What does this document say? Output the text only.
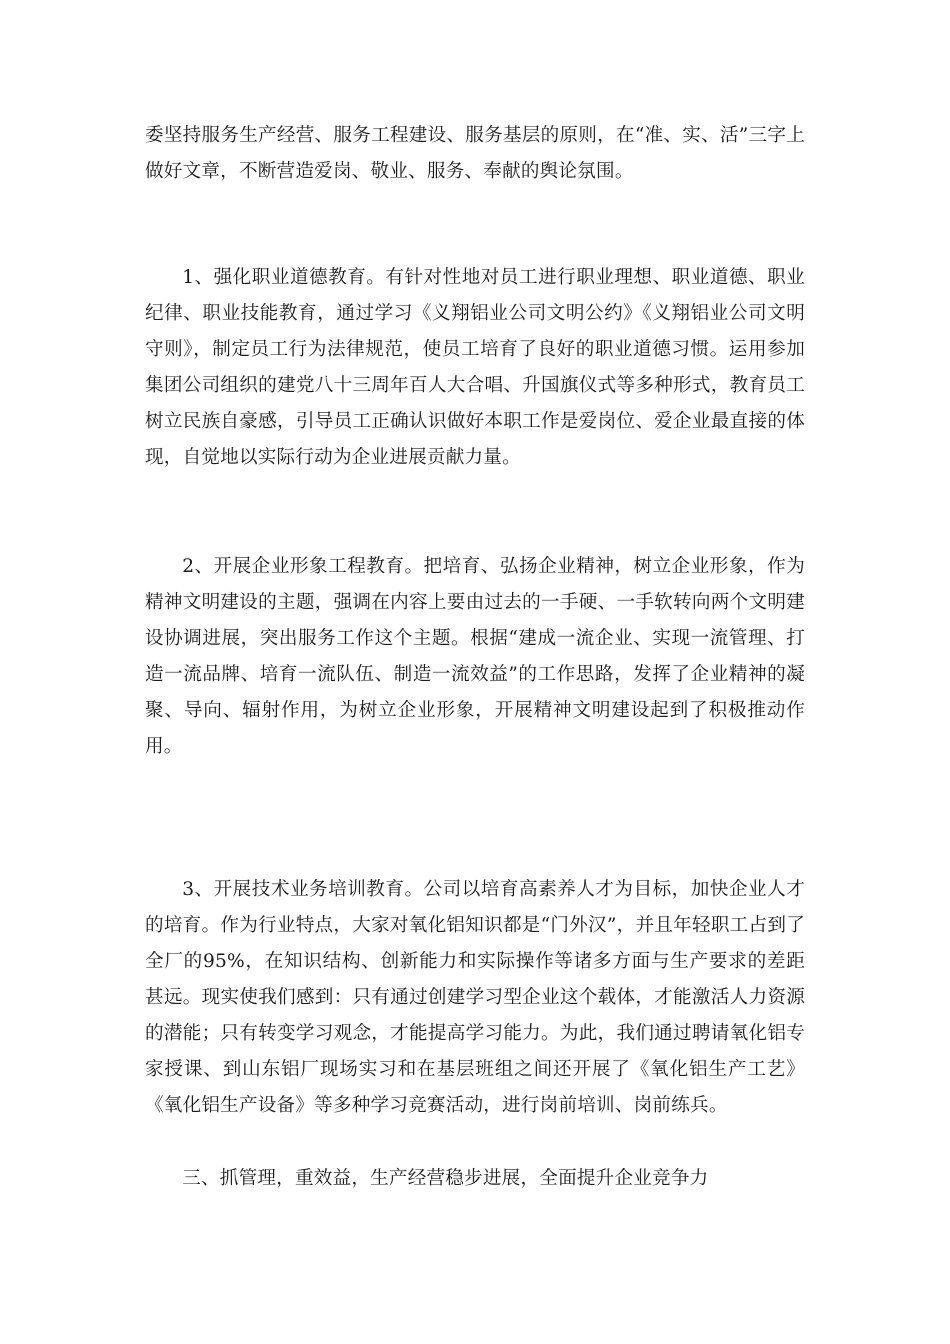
委坚持服务生产经营、服务工程建设、服务基层的原则，在“准、实、活”三字上做好文章，不断营造爱岗、敬业、服务、奉献的舆论氛围。

1、强化职业道德教育。有针对性地对员工进行职业理想、职业道德、职业纪律、职业技能教育，通过学习《义翔铝业公司文明公约》《义翔铝业公司文明守则》，制定员工行为法律规范，使员工培育了良好的职业道德习惯。运用参加集团公司组织的建党八十三周年百人大合唱、升国旗仪式等多种形式，教育员工树立民族自豪感，引导员工正确认识做好本职工作是爱岗位、爱企业最直接的体现，自觉地以实际行动为企业进展贡献力量。

2、开展企业形象工程教育。把培育、弘扬企业精神，树立企业形象，作为精神文明建设的主题，强调在内容上要由过去的一手硬、一手软转向两个文明建设协调进展，突出服务工作这个主题。根据“建成一流企业、实现一流管理、打造一流品牌、培育一流队伍、制造一流效益”的工作思路，发挥了企业精神的凝聚、导向、辐射作用，为树立企业形象，开展精神文明建设起到了积极推动作用。

3、开展技术业务培训教育。公司以培育高素养人才为目标，加快企业人才的培育。作为行业特点，大家对氧化铝知识都是“门外汉”，并且年轻职工占到了全厂的95%，在知识结构、创新能力和实际操作等诸多方面与生产要求的差距甚远。现实使我们感到：只有通过创建学习型企业这个载体，才能激活人力资源的潜能；只有转变学习观念，才能提高学习能力。为此，我们通过聘请氧化铝专家授课、到山东铝厂现场实习和在基层班组之间还开展了《氧化铝生产工艺》《氧化铝生产设备》等多种学习竞赛活动，进行岗前培训、岗前练兵。

三、抓管理，重效益，生产经营稳步进展，全面提升企业竞争力
